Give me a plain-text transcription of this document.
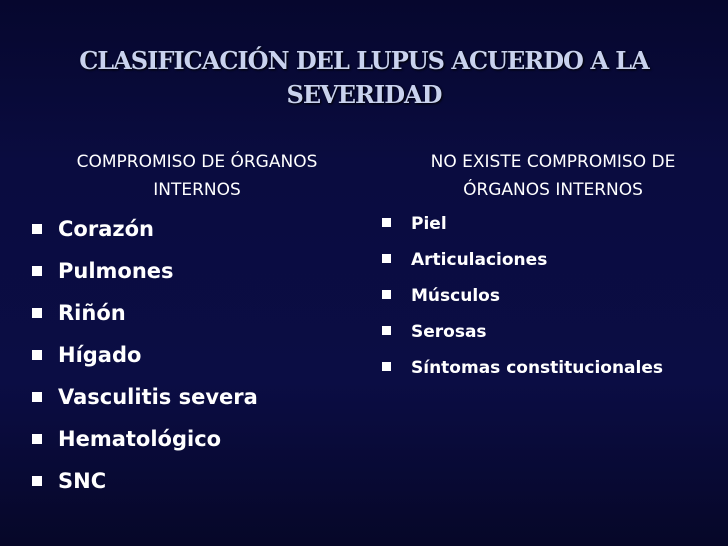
CLASIFICACIÓN DEL LUPUS ACUERDO A LA
SEVERIDAD
COMPROMISO DE ÓRGANOS
INTERNOS
Corazón
Pulmones
Riñón
Hígado
Vasculitis severa
Hematológico
SNC
NO EXISTE COMPROMISO DE
ÓRGANOS INTERNOS
Piel
Articulaciones
Músculos
Serosas
Síntomas constitucionales
